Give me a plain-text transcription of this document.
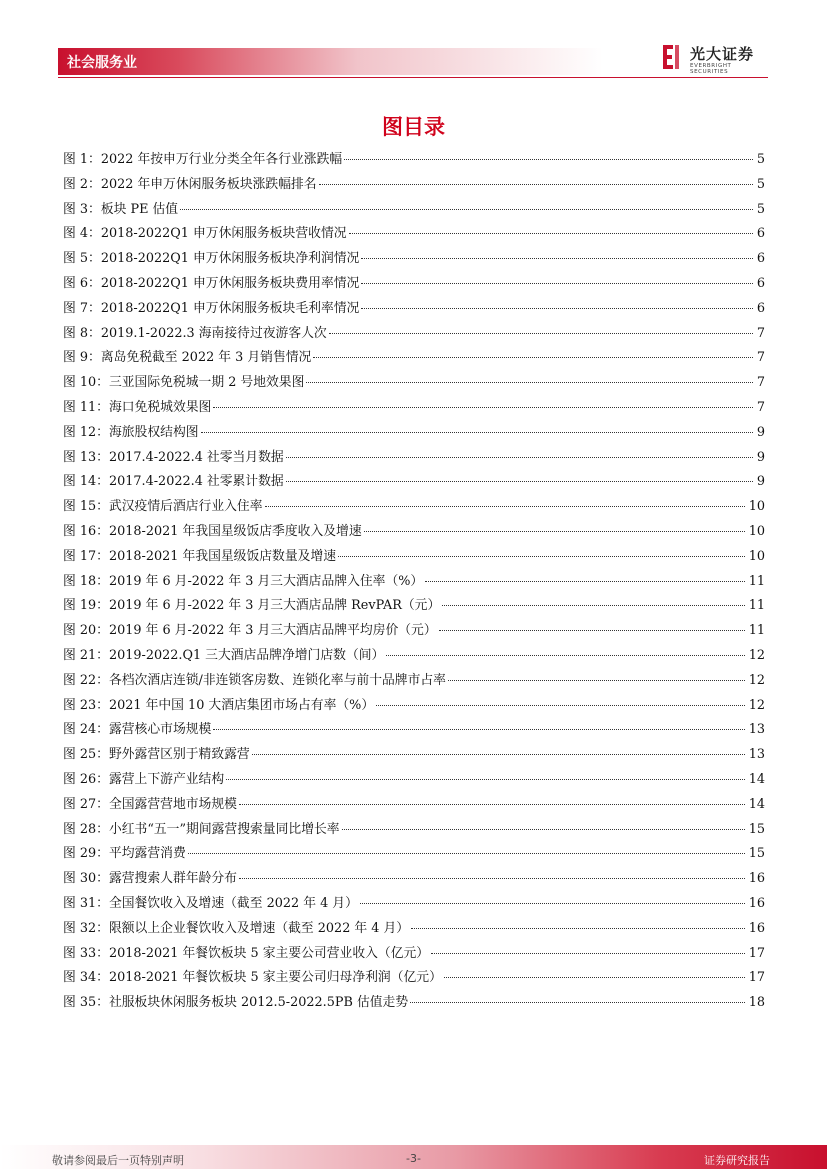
社会服务业	光大证券
EVERBRIGHT SECURITIES
图目录
图 1： 2022 年按申万行业分类全年各行业涨跌幅	5
图 2： 2022 年申万休闲服务板块涨跌幅排名	5
图 3： 板块 PE 估值	5
图 4： 2018-2022Q1 申万休闲服务板块营收情况	6
图 5： 2018-2022Q1 申万休闲服务板块净利润情况	6
图 6： 2018-2022Q1 申万休闲服务板块费用率情况	6
图 7： 2018-2022Q1 申万休闲服务板块毛利率情况	6
图 8： 2019.1-2022.3 海南接待过夜游客人次	7
图 9： 离岛免税截至 2022 年 3 月销售情况	7
图 10： 三亚国际免税城一期 2 号地效果图	7
图 11： 海口免税城效果图	7
图 12： 海旅股权结构图	9
图 13： 2017.4-2022.4 社零当月数据	9
图 14： 2017.4-2022.4 社零累计数据	9
图 15： 武汉疫情后酒店行业入住率	10
图 16： 2018-2021 年我国星级饭店季度收入及增速	10
图 17： 2018-2021 年我国星级饭店数量及增速	10
图 18： 2019 年 6 月-2022 年 3 月三大酒店品牌入住率（%）	11
图 19： 2019 年 6 月-2022 年 3 月三大酒店品牌 RevPAR（元）	11
图 20： 2019 年 6 月-2022 年 3 月三大酒店品牌平均房价（元）	11
图 21： 2019-2022.Q1 三大酒店品牌净增门店数（间）	12
图 22： 各档次酒店连锁/非连锁客房数、连锁化率与前十品牌市占率	12
图 23： 2021 年中国 10 大酒店集团市场占有率（%）	12
图 24： 露营核心市场规模	13
图 25： 野外露营区别于精致露营	13
图 26： 露营上下游产业结构	14
图 27： 全国露营营地市场规模	14
图 28： 小红书“五一”期间露营搜索量同比增长率	15
图 29： 平均露营消费	15
图 30： 露营搜索人群年龄分布	16
图 31： 全国餐饮收入及增速（截至 2022 年 4 月）	16
图 32： 限额以上企业餐饮收入及增速（截至 2022 年 4 月）	16
图 33： 2018-2021 年餐饮板块 5 家主要公司营业收入（亿元）	17
图 34： 2018-2021 年餐饮板块 5 家主要公司归母净利润（亿元）	17
图 35： 社服板块休闲服务板块 2012.5-2022.5PB 估值走势	18
敬请参阅最后一页特别声明	-3-	证券研究报告
